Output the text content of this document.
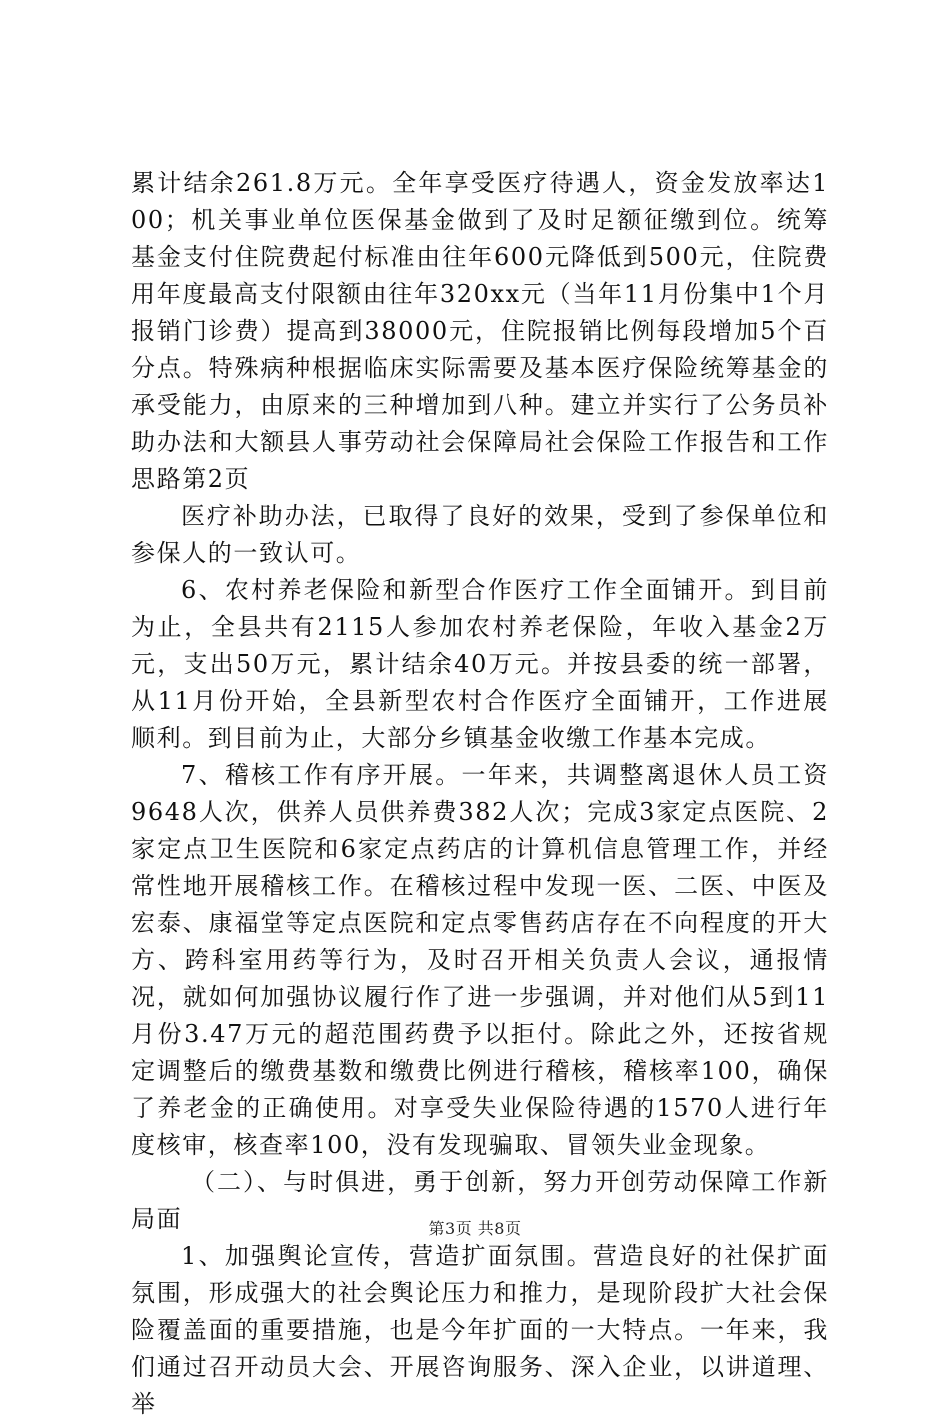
累计结余261.8万元。全年享受医疗待遇人，资金发放率达100；机关事业单位医保基金做到了及时足额征缴到位。统筹基金支付住院费起付标准由往年600元降低到500元，住院费用年度最高支付限额由往年320xx元（当年11月份集中1个月报销门诊费）提高到38000元，住院报销比例每段增加5个百分点。特殊病种根据临床实际需要及基本医疗保险统筹基金的承受能力，由原来的三种增加到八种。建立并实行了公务员补助办法和大额县人事劳动社会保障局社会保险工作报告和工作思路第2页

医疗补助办法，已取得了良好的效果，受到了参保单位和参保人的一致认可。

6、农村养老保险和新型合作医疗工作全面铺开。到目前为止，全县共有2115人参加农村养老保险，年收入基金2万元，支出50万元，累计结余40万元。并按县委的统一部署，从11月份开始，全县新型农村合作医疗全面铺开，工作进展顺利。到目前为止，大部分乡镇基金收缴工作基本完成。

7、稽核工作有序开展。一年来，共调整离退休人员工资9648人次，供养人员供养费382人次；完成3家定点医院、2家定点卫生医院和6家定点药店的计算机信息管理工作，并经常性地开展稽核工作。在稽核过程中发现一医、二医、中医及宏泰、康福堂等定点医院和定点零售药店存在不向程度的开大方、跨科室用药等行为，及时召开相关负责人会议，通报情况，就如何加强协议履行作了进一步强调，并对他们从5到11月份3.47万元的超范围药费予以拒付。除此之外，还按省规定调整后的缴费基数和缴费比例进行稽核，稽核率100，确保了养老金的正确使用。对享受失业保险待遇的1570人进行年度核审，核查率100，没有发现骗取、冒领失业金现象。

（二）、与时俱进，勇于创新，努力开创劳动保障工作新局面

1、加强舆论宣传，营造扩面氛围。营造良好的社保扩面氛围，形成强大的社会舆论压力和推力，是现阶段扩大社会保险覆盖面的重要措施，也是今年扩面的一大特点。一年来，我们通过召开动员大会、开展咨询服务、深入企业，以讲道理、举

第3页 共8页
